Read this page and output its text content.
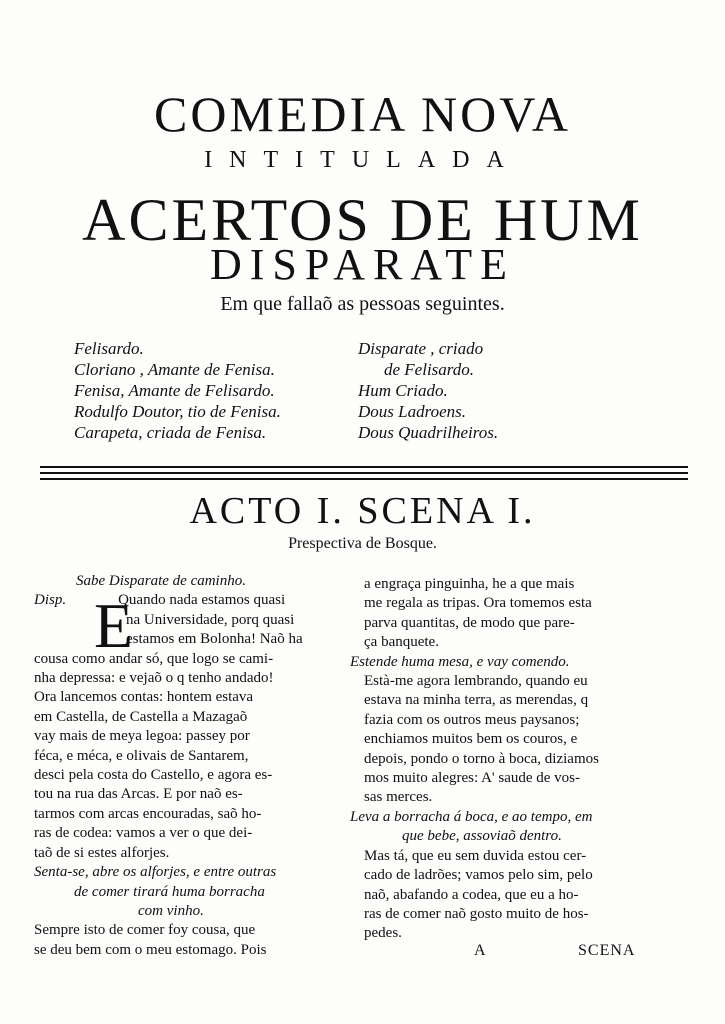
COMEDIA NOVA
INTITULADA
ACERTOS DE HUM
DISPARATE
Em que fallaõ as pessoas seguintes.
Felisardo.
Cloriano , Amante de Fenisa.
Fenisa, Amante de Felisardo.
Rodulfo Doutor, tio de Fenisa.
Carapeta, criada de Fenisa.
Disparate , criado
de Felisardo.
Hum Criado.
Dous Ladroens.
Dous Quadrilheiros.
ACTO I. SCENA I.
Prespectiva de Bosque.
E
Sabe Disparate de caminho.
Disp.	Quando nada estamos quasi
na Universidade, porq quasi
estamos em Bolonha! Naõ ha
cousa como andar só, que logo se cami-
nha depressa: e vejaõ o q tenho andado!
Ora lancemos contas: hontem estava
em Castella, de Castella a Mazagaõ
vay mais de meya legoa: passey por
féca, e méca, e olivais de Santarem,
desci pela costa do Castello, e agora es-
tou na rua das Arcas. E por naõ es-
tarmos com arcas encouradas, saõ ho-
ras de codea: vamos a ver o que dei-
taõ de si estes alforjes.
Senta-se, abre os alforjes, e entre outras
de comer tirará huma borracha
com vinho.
Sempre isto de comer foy cousa, que
se deu bem com o meu estomago. Pois
a engraça pinguinha, he a que mais
me regala as tripas. Ora tomemos esta
parva quantitas, de modo que pare-
ça banquete.
Estende huma mesa, e vay comendo.
Està-me agora lembrando, quando eu
estava na minha terra, as merendas, q
fazia com os outros meus paysanos;
enchiamos muitos bem os couros, e
depois, pondo o torno à boca, diziamos
mos muito alegres: A' saude de vos-
sas merces.
Leva a borracha á boca, e ao tempo, em
que bebe, assoviaõ dentro.
Mas tá, que eu sem duvida estou cer-
cado de ladrões; vamos pelo sim, pelo
naõ, abafando a codea, que eu a ho-
ras de comer naõ gosto muito de hos-
pedes.
A	SCENA
